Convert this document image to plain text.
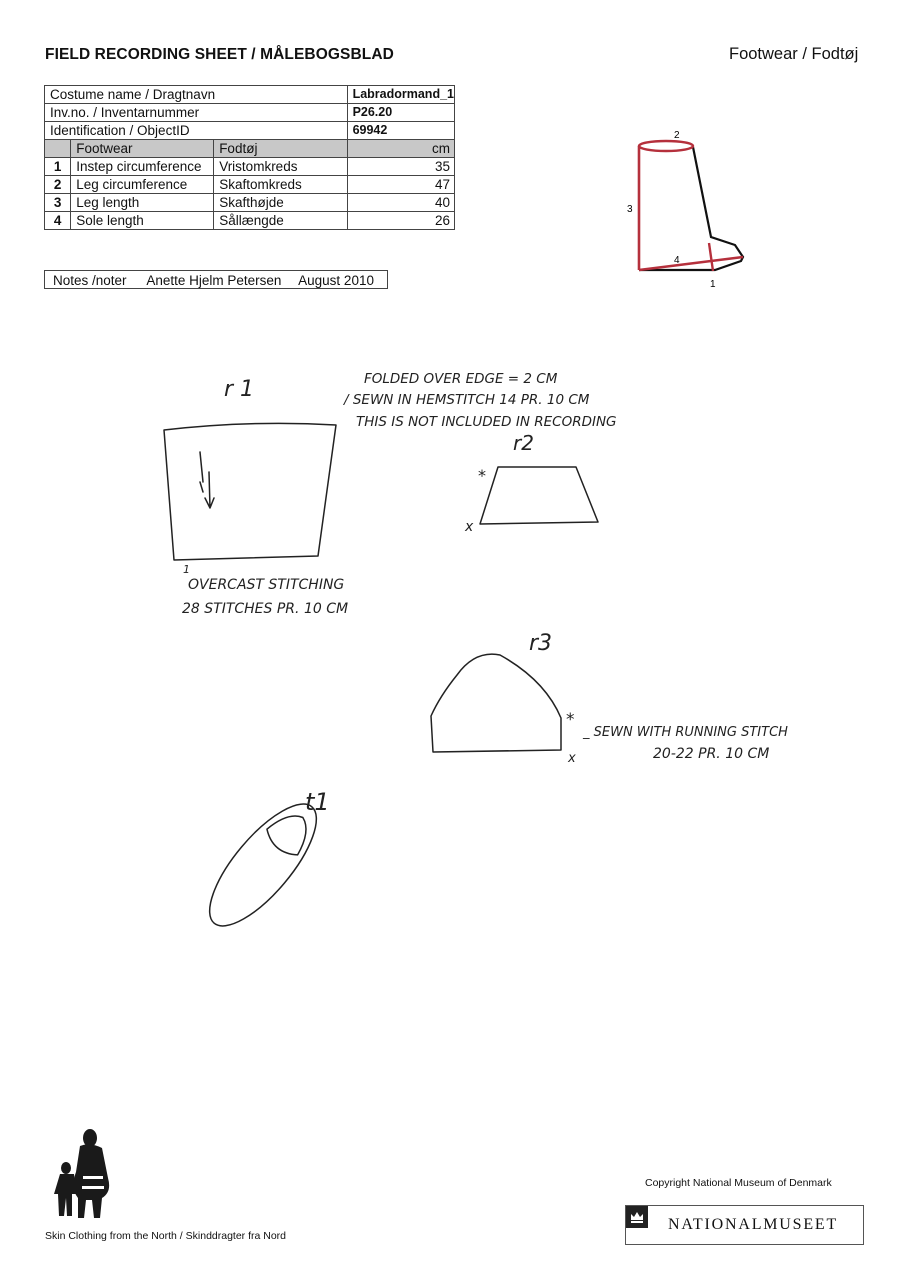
FIELD RECORDING SHEET / MÅLEBOGSBLAD	Footwear / Fodtøj
Costume name / Dragtnavn			Labradormand_1
Inv.no. / Inventarnummer			P26.20
Identification / ObjectID			69942
	Footwear	Fodtøj	cm
1	Instep circumference	Vristomkreds	35
2	Leg circumference	Skaftomkreds	47
3	Leg length	Skafthøjde	40
4	Sole length	Sållængde	26
Notes /noter Anette Hjelm Petersen August 2010	1
2
3
4
r 1	FOLDED OVER EDGE = 2 CM
/ SEWN IN HEMSTITCH 14 PR. 10 CM
THIS IS NOT INCLUDED IN RECORDING
1
OVERCAST STITCHING
28 STITCHES PR. 10 CM
r2
*
x
r3
*
x
_ SEWN WITH RUNNING STITCH
20-22 PR. 10 CM
t1
Skin Clothing from the North / Skinddragter fra Nord
Copyright National Museum of Denmark
NATIONALMUSEET
